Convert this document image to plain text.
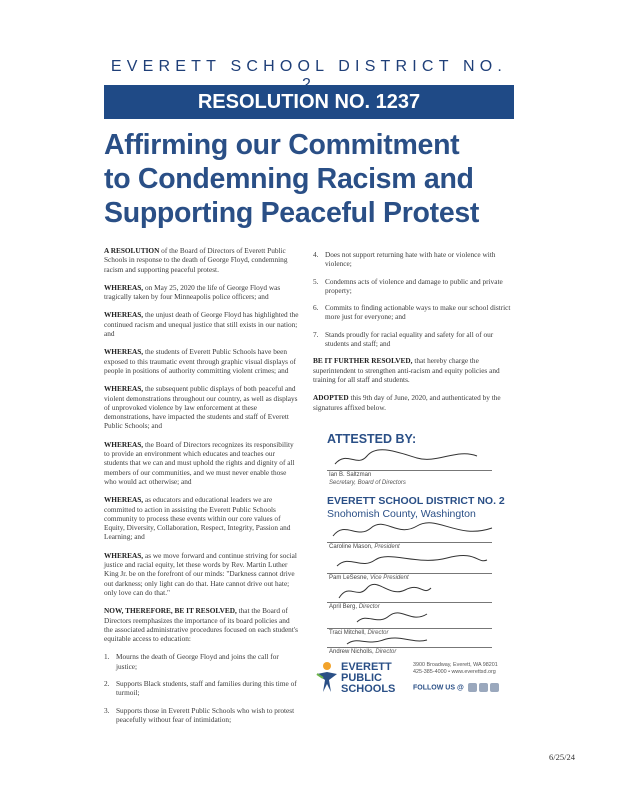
EVERETT SCHOOL DISTRICT NO.
RESOLUTION NO. 1237
Affirming our Commitment
to Condemning Racism and
Supporting Peaceful Protest

A RESOLUTION of the Board of Directors of Everett Public Schools in response to the death of George Floyd, condemning racism and supporting peaceful protest.

WHEREAS, on May 25, 2020 the life of George Floyd was tragically taken by four Minneapolis police officers; and

WHEREAS, the unjust death of George Floyd has highlighted the continued racism and unequal justice that still exists in our nation; and

WHEREAS, the students of Everett Public Schools have been exposed to this traumatic event through graphic visual displays of people in positions of authority committing violent crimes; and

WHEREAS, the subsequent public displays of both peaceful and violent demonstrations throughout our country, as well as displays of unprovoked violence by law enforcement at these demonstrations, have impacted the students and staff of Everett Public Schools; and

WHEREAS, the Board of Directors recognizes its responsibility to provide an environment which educates and teaches our students that we can and must uphold the rights and dignity of all members of our communities, and we must never enable those who would act otherwise; and

WHEREAS, as educators and educational leaders we are committed to action in assisting the Everett Public Schools community to process these events within our core values of Equity, Diversity, Collaboration, Respect, Integrity, Passion and Learning; and

WHEREAS, as we move forward and continue striving for social justice and racial equity, let these words by Rev. Martin Luther King Jr. be on the forefront of our minds: "Darkness cannot drive out darkness; only light can do that. Hate cannot drive out hate; only love can do that."

NOW, THEREFORE, BE IT RESOLVED, that the Board of Directors reemphasizes the importance of its board policies and the associated administrative procedures focused on each student's equitable access to education:

1. Mourns the death of George Floyd and joins the call for justice;
2. Supports Black students, staff and families during this time of turmoil;
3. Supports those in Everett Public Schools who wish to protest peacefully without fear of intimidation;
4. Does not support returning hate with hate or violence with violence;
5. Condemns acts of violence and damage to public and private property;
6. Commits to finding actionable ways to make our school district more just for everyone; and
7. Stands proudly for racial equality and safety for all of our students and staff; and

BE IT FURTHER RESOLVED, that hereby charge the superintendent to strengthen anti-racism and equity policies and training for all staff and students.

ADOPTED this 9th day of June, 2020, and authenticated by the signatures affixed below.

ATTESTED BY:
Ian B. Saltzman
Secretary, Board of Directors
EVERETT SCHOOL DISTRICT NO. 2
Snohomish County, Washington
Caroline Mason, President
Pam LeSesne, Vice President
April Berg, Director
Traci Mitchell, Director
Andrew Nicholls, Director
EVERETT
PUBLIC
SCHOOLS
3900 Broadway, Everett, WA 98201
425-385-4000 • www.everettsd.org
FOLLOW US @
6/25/24
